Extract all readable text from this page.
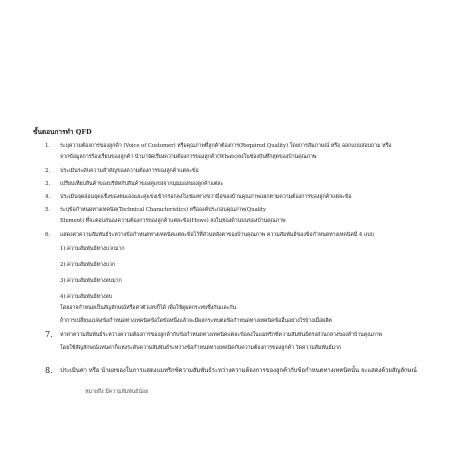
ขั้นตอนการทำ QFD
1. ระบุความต้องการของลูกค้า (Voice of Customer) หรือคุณภาพที่ลูกค้าต้องการ(Required Quality) โดยการสัมภาษณ์ หรือ ออกแบบสอบถาม หรือ
จากข้อมูลการร้องเรียนของลูกค้า นำมาจัดเรียงความต้องการของลูกค้า(Whats)ลงในช่องบันทึกสุดของบ้านคุณภาพ
2. ประเมินระดับความสำคัญของความต้องการของลูกค้าแต่ละข้อ
3. เปรียบเทียบสินค้าของบริษัทกับสินค้าของคู่แข่งจากมุมมองของลูกค้าแต่ละ
4. ประเมินจุดอ่อนจุดแข็งของตนเองและคู่แข่งเข้ากรอกลงในช่องทางขวามือของบ้านคุณภาพแยกตามความต้องการของลูกค้าแต่ละข้อ
5. ระบุข้อกำหนดทางเทคนิค(Technical Characteristics) หรือองค์ประกอบคุณภาพ(Quality
Element) ที่จะตอบสนองความต้องการของลูกค้าแต่ละข้อ(Hows) ลงในช่องด้านบนของบ้านคุณภาพ
6. แสดงค่าความสัมพันธ์ระหว่างข้อกำหนดทางเทคนิคแต่ละข้อไว้ที่ส่วนหลังคาของบ้านคุณภาพ ความสัมพันธ์ของข้อกำหนดทางเทคนิคมี 4 แบบ
1).ความสัมพันธ์ทางบวกมาก
2).ความสัมพันธ์ทางบวก
3).ความสัมพันธ์ทางลบมาก
4).ความสัมพันธ์ทางลบ
โดยอาจกำหนดเป็นสัญลักษณ์หรือค่าตัวเลขก็ได้ เพื่อใช้ดูผลกระทบซึ่งกันและกัน
ถ้าการเปลี่ยนแปลงข้อกำหนดทางเทคนิคข้อใดข้อหนึ่งแล้วจะมีผลกระทบต่อข้อกำหนดทางเทคนิคข้ออื่นอย่างไรบ้างเมื่อผลิต
7. หาค่าความสัมพันธ์ระหว่างความต้องการของลูกค้ากับข้อกำหนดทางเทคนิคแต่ละข้อลงในแมทริกซ์ความสัมพันธ์ตรงส่วนกลางของลำบ้านคุณภาพ
โดยใช้สัญลักษณ์แทนค่าก็แห่งระดับความสัมพันธ์ระหว่างข้อกำหนดทางเทคนิคกับความต้องการของลูกค้า วัดความสัมพันธ์มาก
8. ประเมินค่า หรือ นำผลของในการแสดงแมทริกซ์ความสัมพันธ์ระหว่างความต้องการของลูกค้ากับข้อกำหนดทางเทคนิคนั้น จะแสดงด้วยสัญลักษณ์
หมายถึง มีความสัมพันธ์น้อย
